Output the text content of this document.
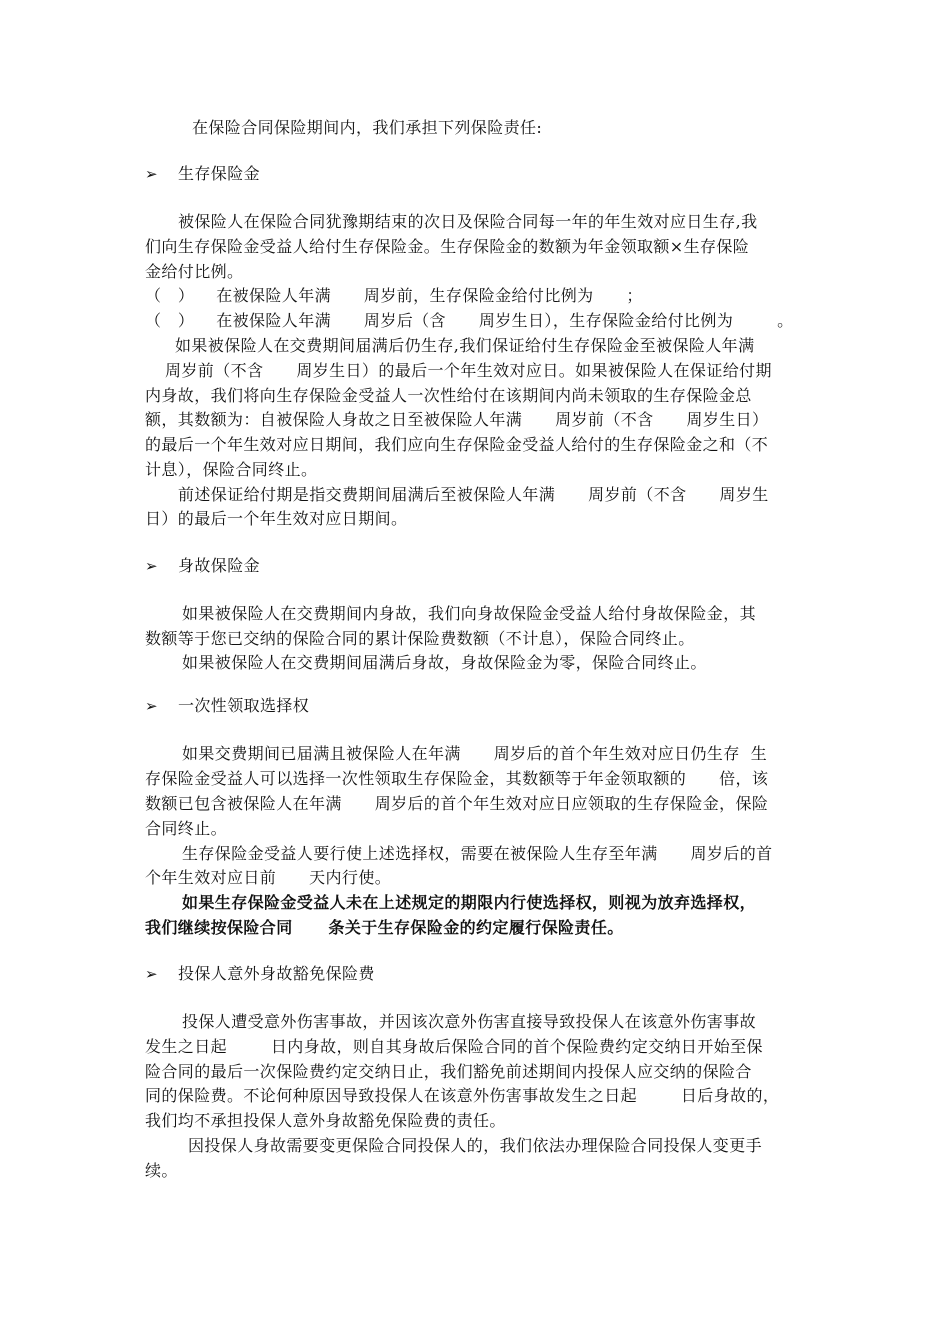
在保险合同保险期间内，我们承担下列保险责任:
➢ 生存保险金
被保险人在保险合同犹豫期结束的次日及保险合同每一年的年生效对应日生存,我
们向生存保险金受益人给付生存保险金。生存保险金的数额为年金领取额×生存保险
金给付比例。
（   ）    在被保险人年满      周岁前，生存保险金给付比例为      ；
（   ）    在被保险人年满      周岁后（含      周岁生日），生存保险金给付比例为        。
如果被保险人在交费期间届满后仍生存,我们保证给付生存保险金至被保险人年满
周岁前（不含      周岁生日）的最后一个年生效对应日。如果被保险人在保证给付期
内身故，我们将向生存保险金受益人一次性给付在该期间内尚未领取的生存保险金总
额，其数额为：自被保险人身故之日至被保险人年满      周岁前（不含      周岁生日）
的最后一个年生效对应日期间，我们应向生存保险金受益人给付的生存保险金之和（不
计息），保险合同终止。
前述保证给付期是指交费期间届满后至被保险人年满      周岁前（不含      周岁生
日）的最后一个年生效对应日期间。
➢ 身故保险金
如果被保险人在交费期间内身故，我们向身故保险金受益人给付身故保险金，其
数额等于您已交纳的保险合同的累计保险费数额（不计息），保险合同终止。
如果被保险人在交费期间届满后身故，身故保险金为零，保险合同终止。
➢ 一次性领取选择权
如果交费期间已届满且被保险人在年满      周岁后的首个年生效对应日仍生存  生
存保险金受益人可以选择一次性领取生存保险金，其数额等于年金领取额的      倍，该
数额已包含被保险人在年满      周岁后的首个年生效对应日应领取的生存保险金，保险
合同终止。
生存保险金受益人要行使上述选择权，需要在被保险人生存至年满      周岁后的首
个年生效对应日前      天内行使。
如果生存保险金受益人未在上述规定的期限内行使选择权，则视为放弃选择权，
我们继续按保险合同      条关于生存保险金的约定履行保险责任。
➢ 投保人意外身故豁免保险费
投保人遭受意外伤害事故，并因该次意外伤害直接导致投保人在该意外伤害事故
发生之日起        日内身故，则自其身故后保险合同的首个保险费约定交纳日开始至保
险合同的最后一次保险费约定交纳日止，我们豁免前述期间内投保人应交纳的保险合
同的保险费。不论何种原因导致投保人在该意外伤害事故发生之日起        日后身故的，
我们均不承担投保人意外身故豁免保险费的责任。
因投保人身故需要变更保险合同投保人的，我们依法办理保险合同投保人变更手
续。
